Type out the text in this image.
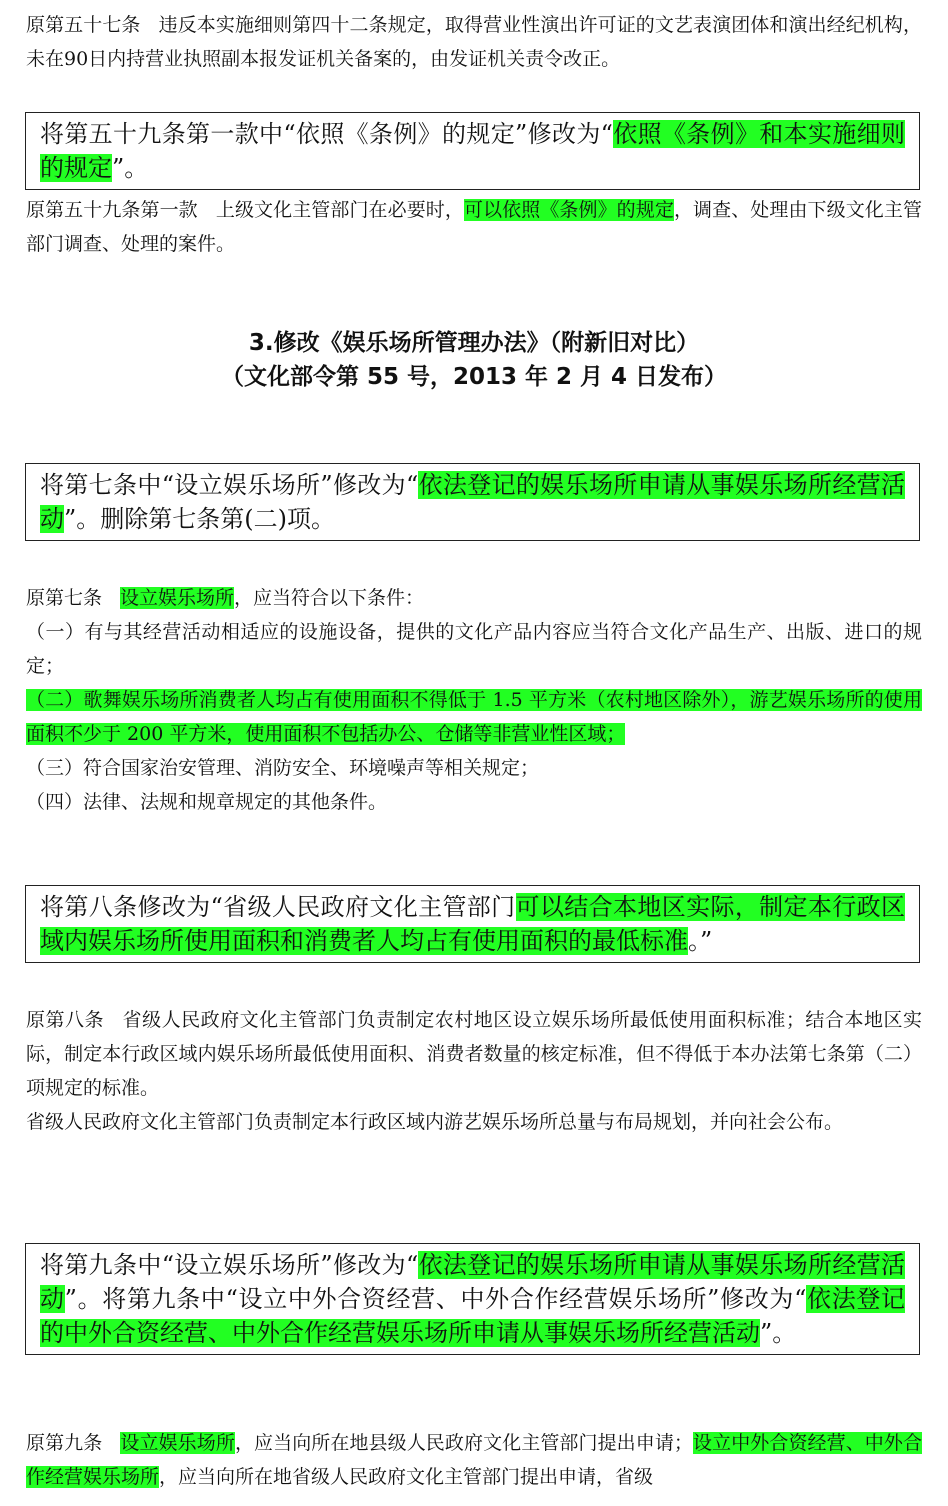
原第五十七条 违反本实施细则第四十二条规定，取得营业性演出许可证的文艺表演团体和演出经纪机构，未在90日内持营业执照副本报发证机关备案的，由发证机关责令改正。
将第五十九条第一款中“依照《条例》的规定”修改为“依照《条例》和本实施细则的规定”。
原第五十九条第一款 上级文化主管部门在必要时，可以依照《条例》的规定，调查、处理由下级文化主管部门调查、处理的案件。
3.修改《娱乐场所管理办法》（附新旧对比）
（文化部令第 55 号，2013 年 2 月 4 日发布）
将第七条中“设立娱乐场所”修改为“依法登记的娱乐场所申请从事娱乐场所经营活动”。删除第七条第(二)项。
原第七条 设立娱乐场所，应当符合以下条件：
（一）有与其经营活动相适应的设施设备，提供的文化产品内容应当符合文化产品生产、出版、进口的规定；
（二）歌舞娱乐场所消费者人均占有使用面积不得低于 1.5 平方米（农村地区除外），游艺娱乐场所的使用面积不少于 200 平方米，使用面积不包括办公、仓储等非营业性区域；
（三）符合国家治安管理、消防安全、环境噪声等相关规定；
（四）法律、法规和规章规定的其他条件。
将第八条修改为“省级人民政府文化主管部门可以结合本地区实际，制定本行政区域内娱乐场所使用面积和消费者人均占有使用面积的最低标准。”
原第八条 省级人民政府文化主管部门负责制定农村地区设立娱乐场所最低使用面积标准；结合本地区实际，制定本行政区域内娱乐场所最低使用面积、消费者数量的核定标准，但不得低于本办法第七条第（二）项规定的标准。
省级人民政府文化主管部门负责制定本行政区域内游艺娱乐场所总量与布局规划，并向社会公布。
将第九条中“设立娱乐场所”修改为“依法登记的娱乐场所申请从事娱乐场所经营活动”。将第九条中“设立中外合资经营、中外合作经营娱乐场所”修改为“依法登记的中外合资经营、中外合作经营娱乐场所申请从事娱乐场所经营活动”。
原第九条 设立娱乐场所，应当向所在地县级人民政府文化主管部门提出申请；设立中外合资经营、中外合作经营娱乐场所，应当向所在地省级人民政府文化主管部门提出申请，省级
